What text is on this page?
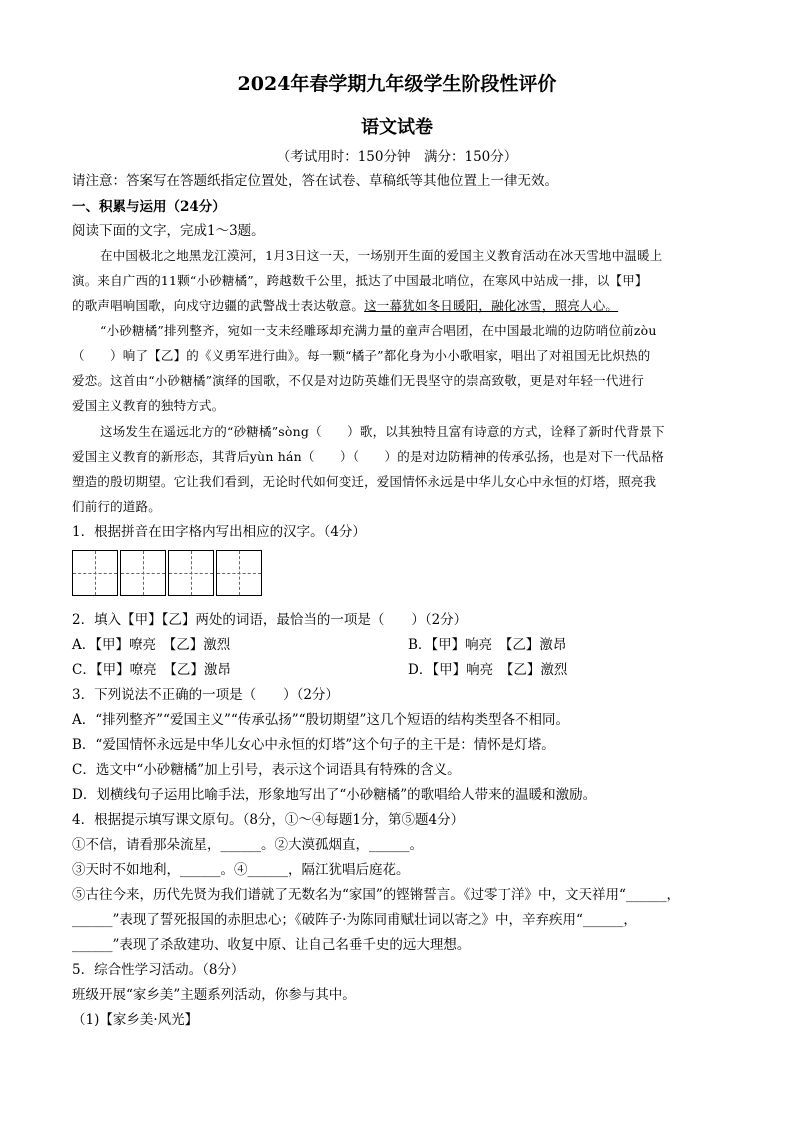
2024年春学期九年级学生阶段性评价
语文试卷
（考试用时：150分钟　满分：150分）
请注意：答案写在答题纸指定位置处，答在试卷、草稿纸等其他位置上一律无效。
一、积累与运用（24分）
阅读下面的文字，完成1～3题。
在中国极北之地黑龙江漠河，1月3日这一天，一场别开生面的爱国主义教育活动在冰天雪地中温暖上
演。来自广西的11颗“小砂糖橘”，跨越数千公里，抵达了中国最北哨位，在寒风中站成一排，以【甲】
的歌声唱响国歌，向戍守边疆的武警战士表达敬意。这一幕犹如冬日暖阳，融化冰雪，照亮人心。
“小砂糖橘”排列整齐，宛如一支未经雕琢却充满力量的童声合唱团，在中国最北端的边防哨位前zòu
（　　）响了【乙】的《义勇军进行曲》。每一颗“橘子”都化身为小小歌唱家，唱出了对祖国无比炽热的
爱恋。这首由“小砂糖橘”演绎的国歌，不仅是对边防英雄们无畏坚守的崇高致敬，更是对年轻一代进行
爱国主义教育的独特方式。
这场发生在遥远北方的“砂糖橘”sòng（　　）歌，以其独特且富有诗意的方式，诠释了新时代背景下
爱国主义教育的新形态，其背后yùn hán（　　）（　　）的是对边防精神的传承弘扬，也是对下一代品格
塑造的殷切期望。它让我们看到，无论时代如何变迁，爱国情怀永远是中华儿女心中永恒的灯塔，照亮我
们前行的道路。
1．根据拼音在田字格内写出相应的汉字。（4分）
2．填入【甲】【乙】两处的词语，最恰当的一项是（　　）（2分）
A．【甲】嘹亮　【乙】激烈	B．【甲】响亮　【乙】激昂
C．【甲】嘹亮　【乙】激昂	D．【甲】响亮　【乙】激烈
3．下列说法不正确的一项是（　　）（2分）
A．“排列整齐”“爱国主义”“传承弘扬”“殷切期望”这几个短语的结构类型各不相同。
B．“爱国情怀永远是中华儿女心中永恒的灯塔”这个句子的主干是：情怀是灯塔。
C．选文中“小砂糖橘”加上引号，表示这个词语具有特殊的含义。
D．划横线句子运用比喻手法，形象地写出了“小砂糖橘”的歌唱给人带来的温暖和激励。
4．根据提示填写课文原句。（8分，①～④每题1分，第⑤题4分）
①不信，请看那朵流星，______。②大漠孤烟直，______。
③天时不如地利，______。④______，隔江犹唱后庭花。
⑤古往今来，历代先贤为我们谱就了无数名为“家国”的铿锵誓言。《过零丁洋》中，文天祥用“______，
______”表现了誓死报国的赤胆忠心；《破阵子·为陈同甫赋壮词以寄之》中，辛弃疾用“______，
______”表现了杀敌建功、收复中原、让自己名垂千史的远大理想。
5．综合性学习活动。（8分）
班级开展“家乡美”主题系列活动，你参与其中。
（1)【家乡美·风光】
